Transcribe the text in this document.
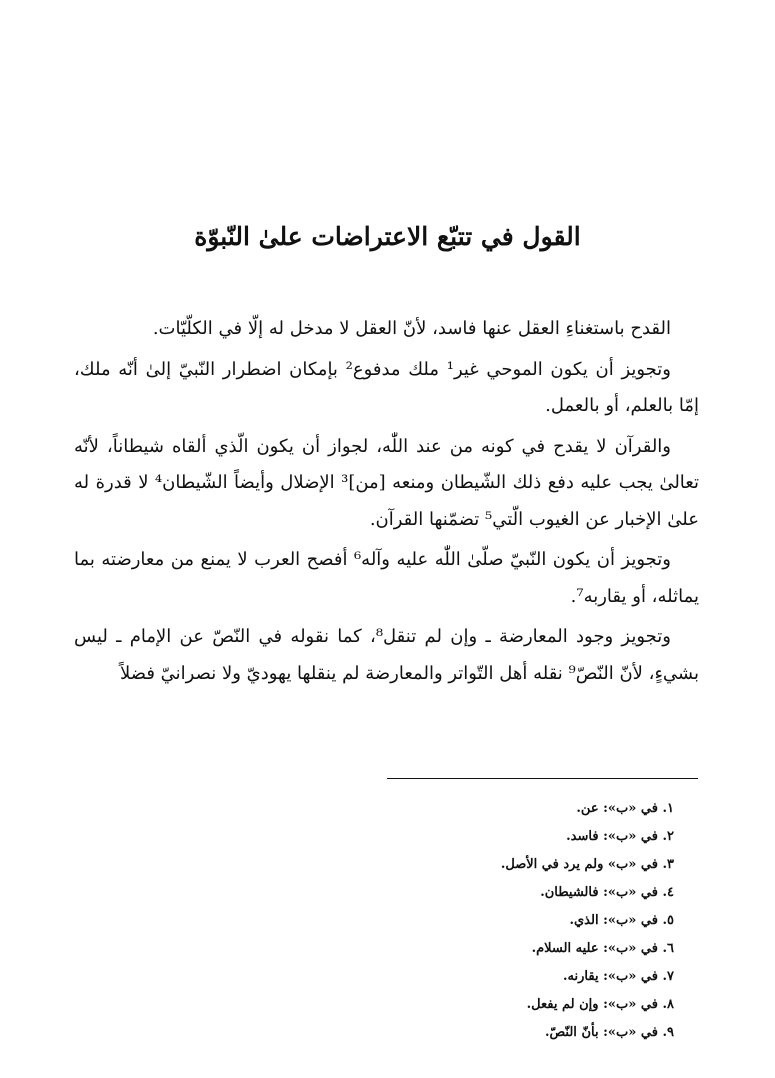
القول في تتبّع الاعتراضات علىٰ النّبوّة

القدح باستغناءِ العقل عنها فاسد، لأنّ العقل لا مدخل له إلّا في الكلّيّات.

وتجويز أن يكون الموحي غير¹ ملك مدفوع² بإمكان اضطرار النّبيّ إلىٰ أنّه ملك، إمّا بالعلم، أو بالعمل.

والقرآن لا يقدح في كونه من عند اللّٰه، لجواز أن يكون الّذي ألقاه شيطاناً، لأنّه تعالىٰ يجب عليه دفع ذلك الشّيطان ومنعه [من]³ الإضلال وأيضاً الشّيطان⁴ لا قدرة له علىٰ الإخبار عن الغيوب الّتي⁵ تضمّنها القرآن.

وتجويز أن يكون النّبيّ صلّىٰ اللّٰه عليه وآله⁶ أفصح العرب لا يمنع من معارضته بما يماثله، أو يقاربه⁷.

وتجويز وجود المعارضة ـ وإن لم تنقل⁸، كما نقوله في النّصّ عن الإمام ـ ليس بشيءٍ، لأنّ النّصّ⁹ نقله أهل التّواتر والمعارضة لم ينقلها يهوديّ ولا نصرانيّ فضلاً

١. في «ب»: عن.
٢. في «ب»: فاسد.
٣. في «ب» ولم يرد في الأصل.
٤. في «ب»: فالشيطان.
٥. في «ب»: الذي.
٦. في «ب»: عليه السلام.
٧. في «ب»: يقارنه.
٨. في «ب»: وإن لم يفعل.
٩. في «ب»: بأنّ النّصّ.
